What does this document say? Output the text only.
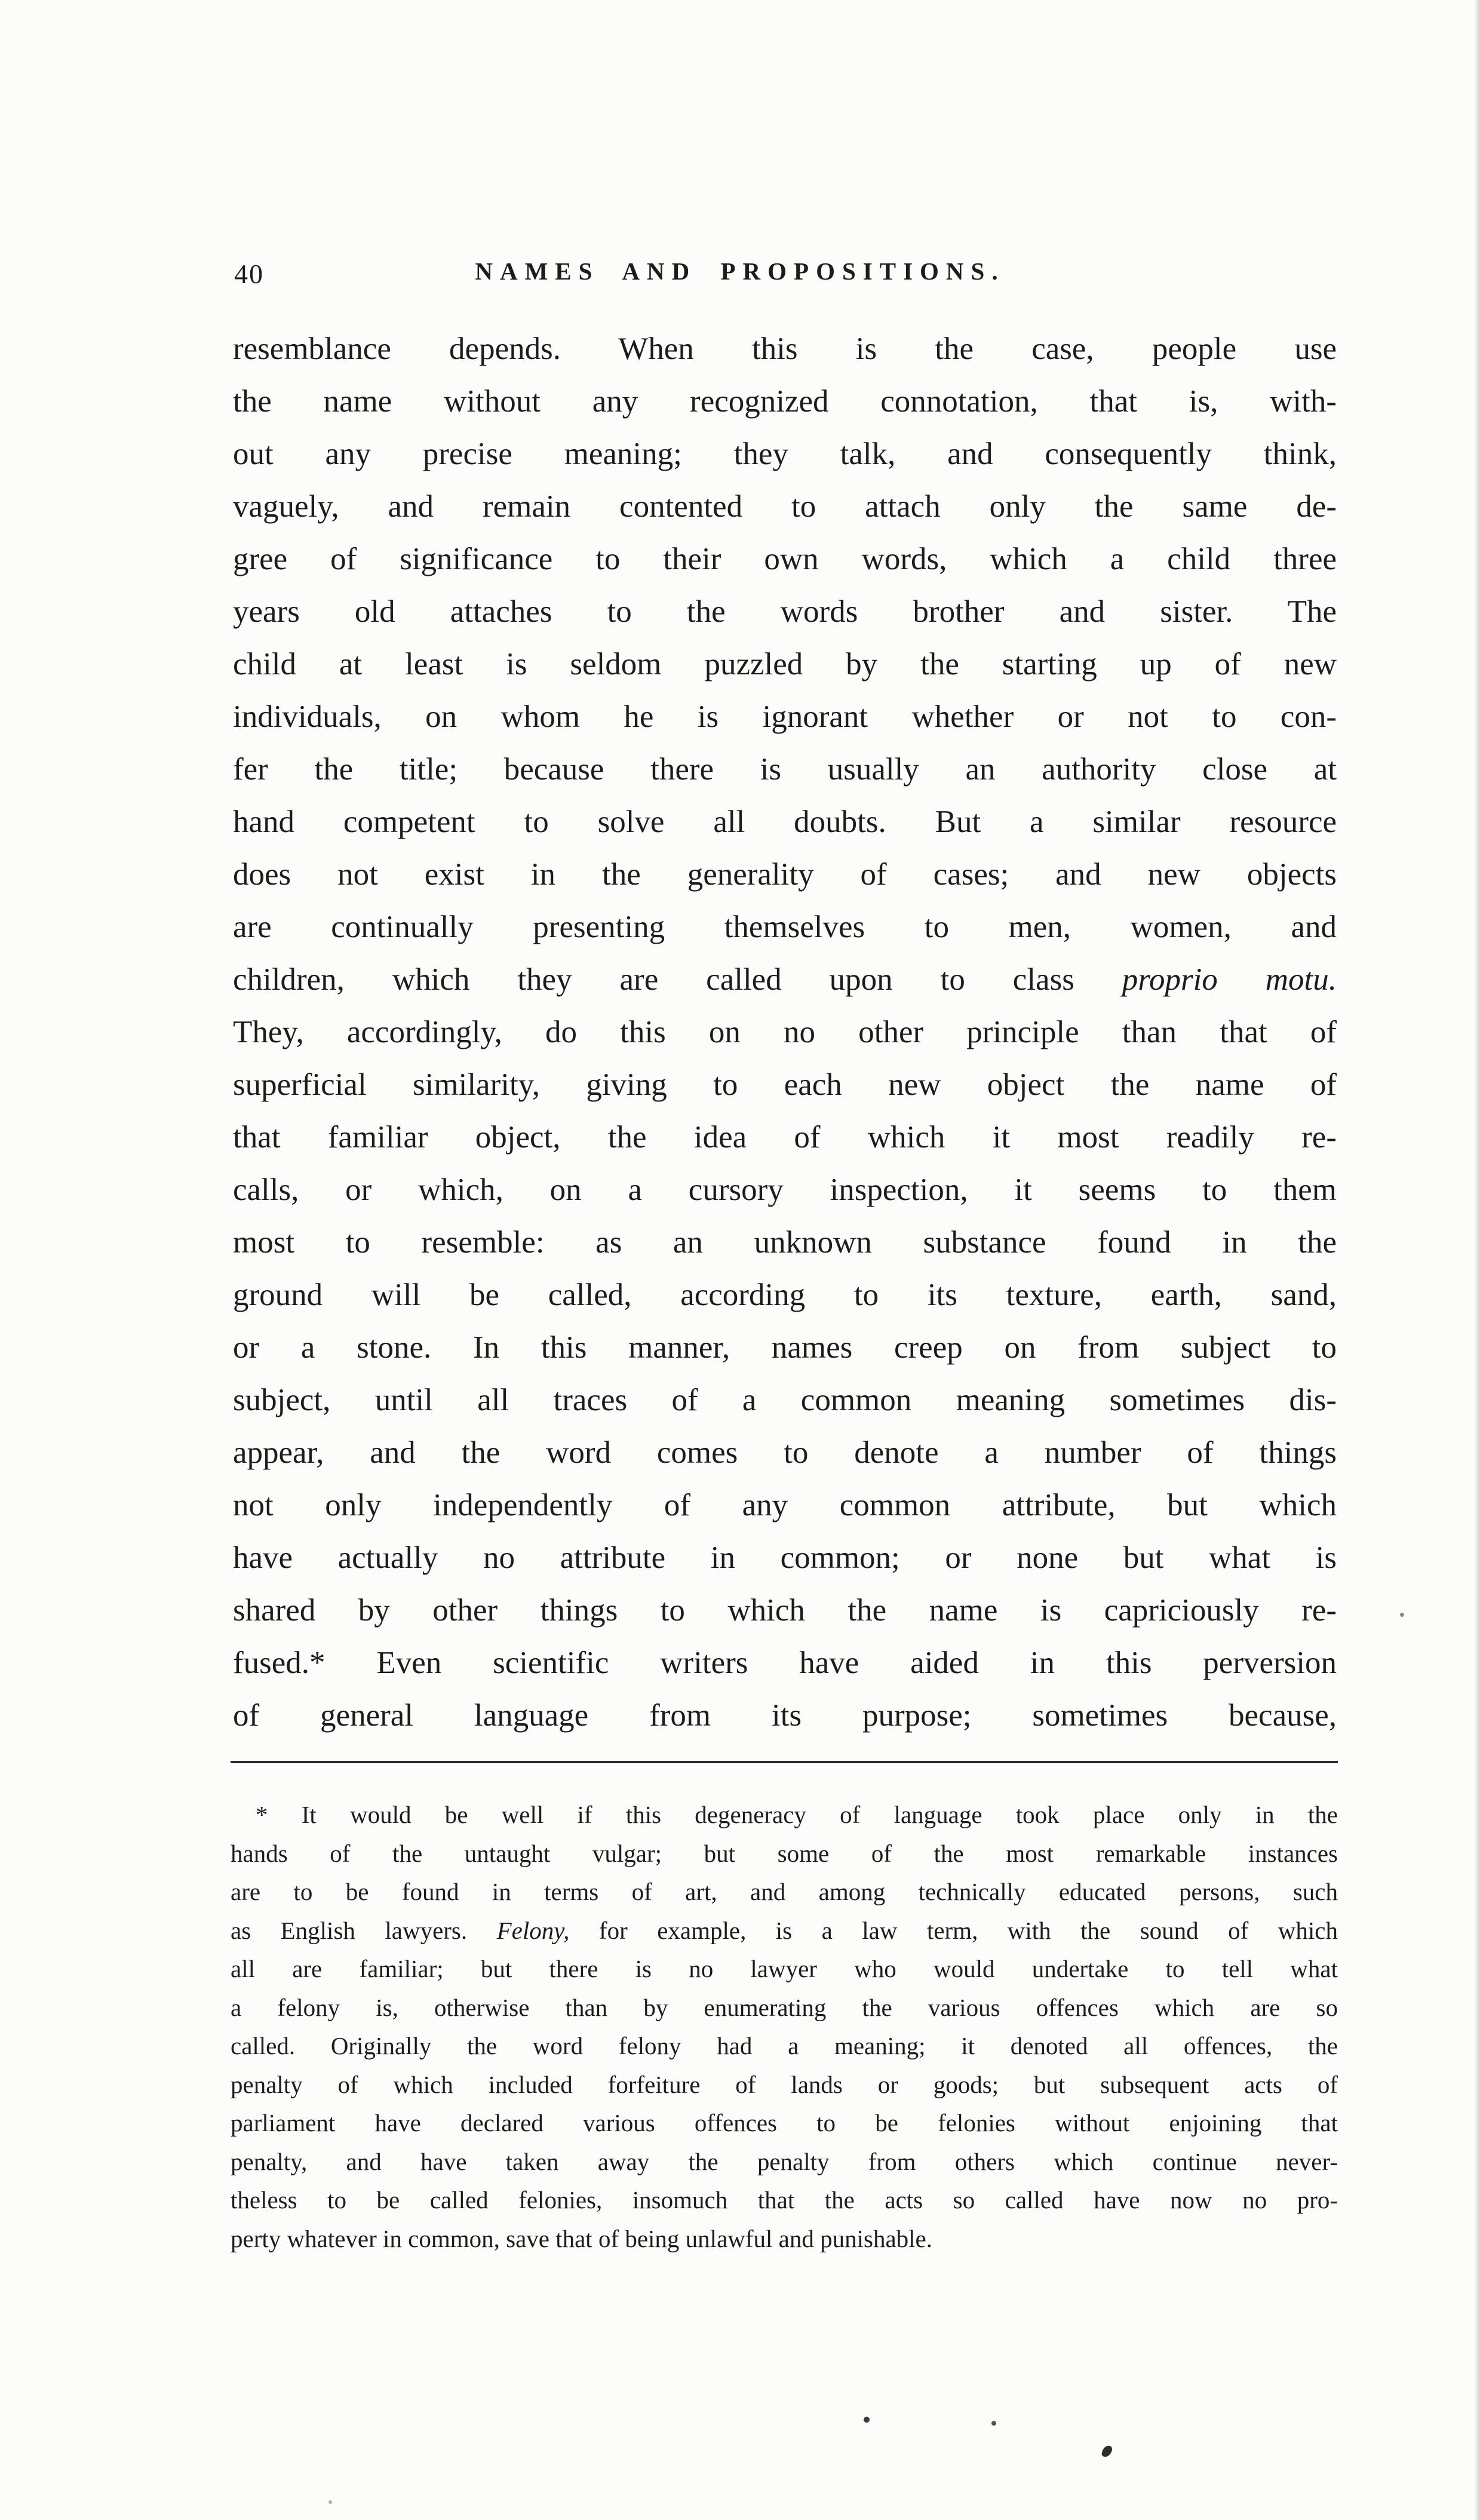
40	NAMES AND PROPOSITIONS.
resemblance depends. When this is the case, people use
the name without any recognized connotation, that is, with-
out any precise meaning; they talk, and consequently think,
vaguely, and remain contented to attach only the same de-
gree of significance to their own words, which a child three
years old attaches to the words brother and sister. The
child at least is seldom puzzled by the starting up of new
individuals, on whom he is ignorant whether or not to con-
fer the title; because there is usually an authority close at
hand competent to solve all doubts. But a similar resource
does not exist in the generality of cases; and new objects
are continually presenting themselves to men, women, and
children, which they are called upon to class proprio motu.
They, accordingly, do this on no other principle than that of
superficial similarity, giving to each new object the name of
that familiar object, the idea of which it most readily re-
calls, or which, on a cursory inspection, it seems to them
most to resemble: as an unknown substance found in the
ground will be called, according to its texture, earth, sand,
or a stone. In this manner, names creep on from subject to
subject, until all traces of a common meaning sometimes dis-
appear, and the word comes to denote a number of things
not only independently of any common attribute, but which
have actually no attribute in common; or none but what is
shared by other things to which the name is capriciously re-
fused.* Even scientific writers have aided in this perversion
of general language from its purpose; sometimes because,
* It would be well if this degeneracy of language took place only in the
hands of the untaught vulgar; but some of the most remarkable instances
are to be found in terms of art, and among technically educated persons, such
as English lawyers. Felony, for example, is a law term, with the sound of which
all are familiar; but there is no lawyer who would undertake to tell what
a felony is, otherwise than by enumerating the various offences which are so
called. Originally the word felony had a meaning; it denoted all offences, the
penalty of which included forfeiture of lands or goods; but subsequent acts of
parliament have declared various offences to be felonies without enjoining that
penalty, and have taken away the penalty from others which continue never-
theless to be called felonies, insomuch that the acts so called have now no pro-
perty whatever in common, save that of being unlawful and punishable.
